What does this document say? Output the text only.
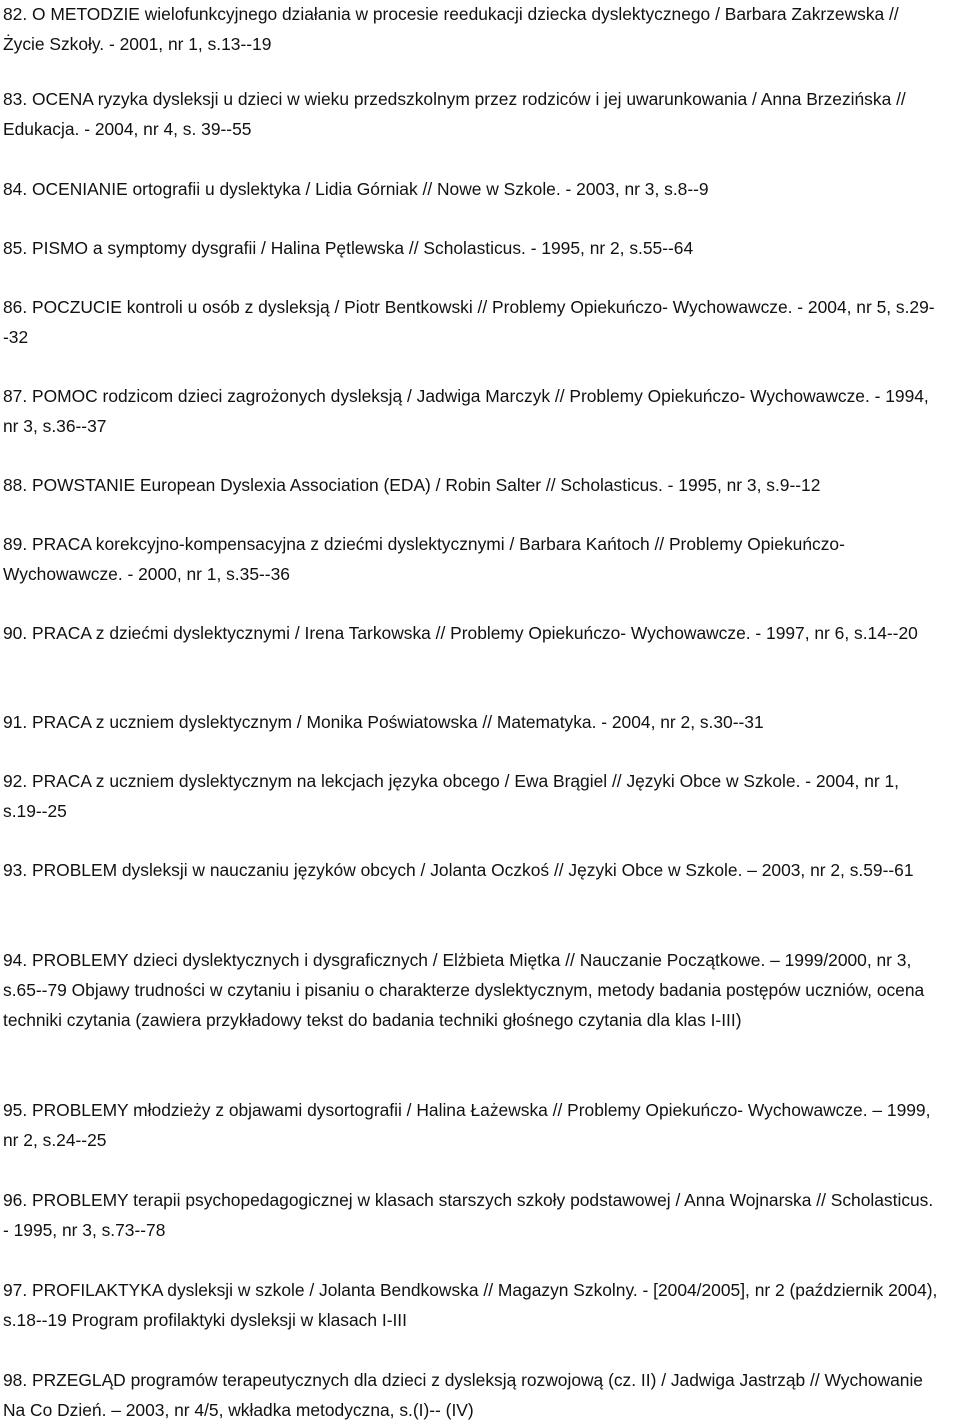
82. O METODZIE wielofunkcyjnego działania w procesie reedukacji dziecka dyslektycznego / Barbara Zakrzewska // Życie Szkoły. - 2001, nr 1, s.13--19

83. OCENA ryzyka dysleksji u dzieci w wieku przedszkolnym przez rodziców i jej uwarunkowania / Anna Brzezińska // Edukacja. - 2004, nr 4, s. 39--55

84. OCENIANIE ortografii u dyslektyka / Lidia Górniak // Nowe w Szkole. - 2003, nr 3, s.8--9

85. PISMO a symptomy dysgrafii / Halina Pętlewska // Scholasticus. - 1995, nr 2, s.55--64

86. POCZUCIE kontroli u osób z dysleksją / Piotr Bentkowski // Problemy Opiekuńczo- Wychowawcze. - 2004, nr 5, s.29--32

87. POMOC rodzicom dzieci zagrożonych dysleksją / Jadwiga Marczyk // Problemy Opiekuńczo- Wychowawcze. - 1994, nr 3, s.36--37

88. POWSTANIE European Dyslexia Association (EDA) / Robin Salter // Scholasticus. - 1995, nr 3, s.9--12

89. PRACA korekcyjno-kompensacyjna z dziećmi dyslektycznymi / Barbara Kańtoch // Problemy Opiekuńczo-Wychowawcze. - 2000, nr 1, s.35--36

90. PRACA z dziećmi dyslektycznymi / Irena Tarkowska // Problemy Opiekuńczo- Wychowawcze. - 1997, nr 6, s.14--20

91. PRACA z uczniem dyslektycznym / Monika Poświatowska // Matematyka. - 2004, nr 2, s.30--31

92. PRACA z uczniem dyslektycznym na lekcjach języka obcego / Ewa Brągiel // Języki Obce w Szkole. - 2004, nr 1, s.19--25

93. PROBLEM dysleksji w nauczaniu języków obcych / Jolanta Oczkoś // Języki Obce w Szkole. – 2003, nr 2, s.59--61

94. PROBLEMY dzieci dyslektycznych i dysgraficznych / Elżbieta Miętka // Nauczanie Początkowe. – 1999/2000, nr 3, s.65--79 Objawy trudności w czytaniu i pisaniu o charakterze dyslektycznym, metody badania postępów uczniów, ocena techniki czytania (zawiera przykładowy tekst do badania techniki głośnego czytania dla klas I-III)

95. PROBLEMY młodzieży z objawami dysortografii / Halina Łażewska // Problemy Opiekuńczo- Wychowawcze. – 1999, nr 2, s.24--25

96. PROBLEMY terapii psychopedagogicznej w klasach starszych szkoły podstawowej / Anna Wojnarska // Scholasticus. - 1995, nr 3, s.73--78

97. PROFILAKTYKA dysleksji w szkole / Jolanta Bendkowska // Magazyn Szkolny. - [2004/2005], nr 2 (październik 2004), s.18--19 Program profilaktyki dysleksji w klasach I-III

98. PRZEGLĄD programów terapeutycznych dla dzieci z dysleksją rozwojową (cz. II) / Jadwiga Jastrząb // Wychowanie Na Co Dzień. – 2003, nr 4/5, wkładka metodyczna, s.(I)-- (IV)
